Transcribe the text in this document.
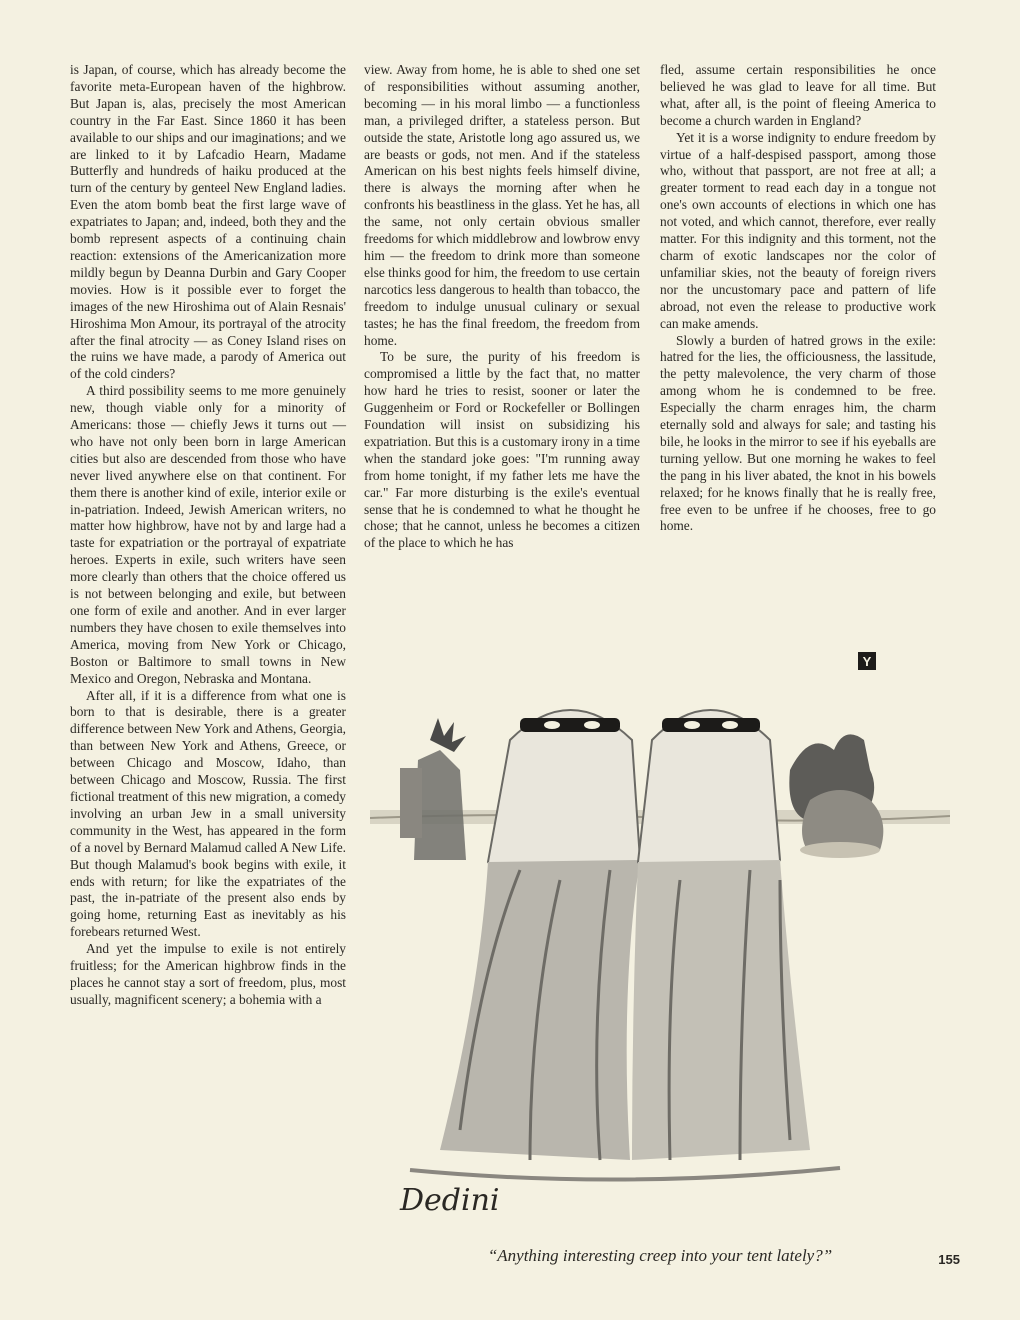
is Japan, of course, which has already become the favorite meta-European haven of the highbrow. But Japan is, alas, precisely the most American country in the Far East. Since 1860 it has been available to our ships and our imaginations; and we are linked to it by Lafcadio Hearn, Madame Butterfly and hundreds of haiku produced at the turn of the century by genteel New England ladies. Even the atom bomb beat the first large wave of expatriates to Japan; and, indeed, both they and the bomb represent aspects of a continuing chain reaction: extensions of the Americanization more mildly begun by Deanna Durbin and Gary Cooper movies. How is it possible ever to forget the images of the new Hiroshima out of Alain Resnais' Hiroshima Mon Amour, its portrayal of the atrocity after the final atrocity — as Coney Island rises on the ruins we have made, a parody of America out of the cold cinders?

A third possibility seems to me more genuinely new, though viable only for a minority of Americans: those — chiefly Jews it turns out — who have not only been born in large American cities but also are descended from those who have never lived anywhere else on that continent. For them there is another kind of exile, interior exile or in-patriation. Indeed, Jewish American writers, no matter how highbrow, have not by and large had a taste for expatriation or the portrayal of expatriate heroes. Experts in exile, such writers have seen more clearly than others that the choice offered us is not between belonging and exile, but between one form of exile and another. And in ever larger numbers they have chosen to exile themselves into America, moving from New York or Chicago, Boston or Baltimore to small towns in New Mexico and Oregon, Nebraska and Montana.

After all, if it is a difference from what one is born to that is desirable, there is a greater difference between New York and Athens, Georgia, than between New York and Athens, Greece, or between Chicago and Moscow, Idaho, than between Chicago and Moscow, Russia. The first fictional treatment of this new migration, a comedy involving an urban Jew in a small university community in the West, has appeared in the form of a novel by Bernard Malamud called A New Life. But though Malamud's book begins with exile, it ends with return; for like the expatriates of the past, the in-patriate of the present also ends by going home, returning East as inevitably as his forebears returned West.

And yet the impulse to exile is not entirely fruitless; for the American highbrow finds in the places he cannot stay a sort of freedom, plus, most usually, magnificent scenery; a bohemia with a

view. Away from home, he is able to shed one set of responsibilities without assuming another, becoming — in his moral limbo — a functionless man, a privileged drifter, a stateless person. But outside the state, Aristotle long ago assured us, we are beasts or gods, not men. And if the stateless American on his best nights feels himself divine, there is always the morning after when he confronts his beastliness in the glass. Yet he has, all the same, not only certain obvious smaller freedoms for which middlebrow and lowbrow envy him — the freedom to drink more than someone else thinks good for him, the freedom to use certain narcotics less dangerous to health than tobacco, the freedom to indulge unusual culinary or sexual tastes; he has the final freedom, the freedom from home.

To be sure, the purity of his freedom is compromised a little by the fact that, no matter how hard he tries to resist, sooner or later the Guggenheim or Ford or Rockefeller or Bollingen Foundation will insist on subsidizing his expatriation. But this is a customary irony in a time when the standard joke goes: "I'm running away from home tonight, if my father lets me have the car." Far more disturbing is the exile's eventual sense that he is condemned to what he thought he chose; that he cannot, unless he becomes a citizen of the place to which he has

fled, assume certain responsibilities he once believed he was glad to leave for all time. But what, after all, is the point of fleeing America to become a church warden in England?

Yet it is a worse indignity to endure freedom by virtue of a half-despised passport, among those who, without that passport, are not free at all; a greater torment to read each day in a tongue not one's own accounts of elections in which one has not voted, and which cannot, therefore, ever really matter. For this indignity and this torment, not the charm of exotic landscapes nor the color of unfamiliar skies, not the beauty of foreign rivers nor the uncustomary pace and pattern of life abroad, not even the release to productive work can make amends.

Slowly a burden of hatred grows in the exile: hatred for the lies, the officiousness, the lassitude, the petty malevolence, the very charm of those among whom he is condemned to be free. Especially the charm enrages him, the charm eternally sold and always for sale; and tasting his bile, he looks in the mirror to see if his eyeballs are turning yellow. But one morning he wakes to feel the pang in his liver abated, the knot in his bowels relaxed; for he knows finally that he is really free, free even to be unfree if he chooses, free to go home.

Y
Dedini
“Anything interesting creep into your tent lately?”	155
